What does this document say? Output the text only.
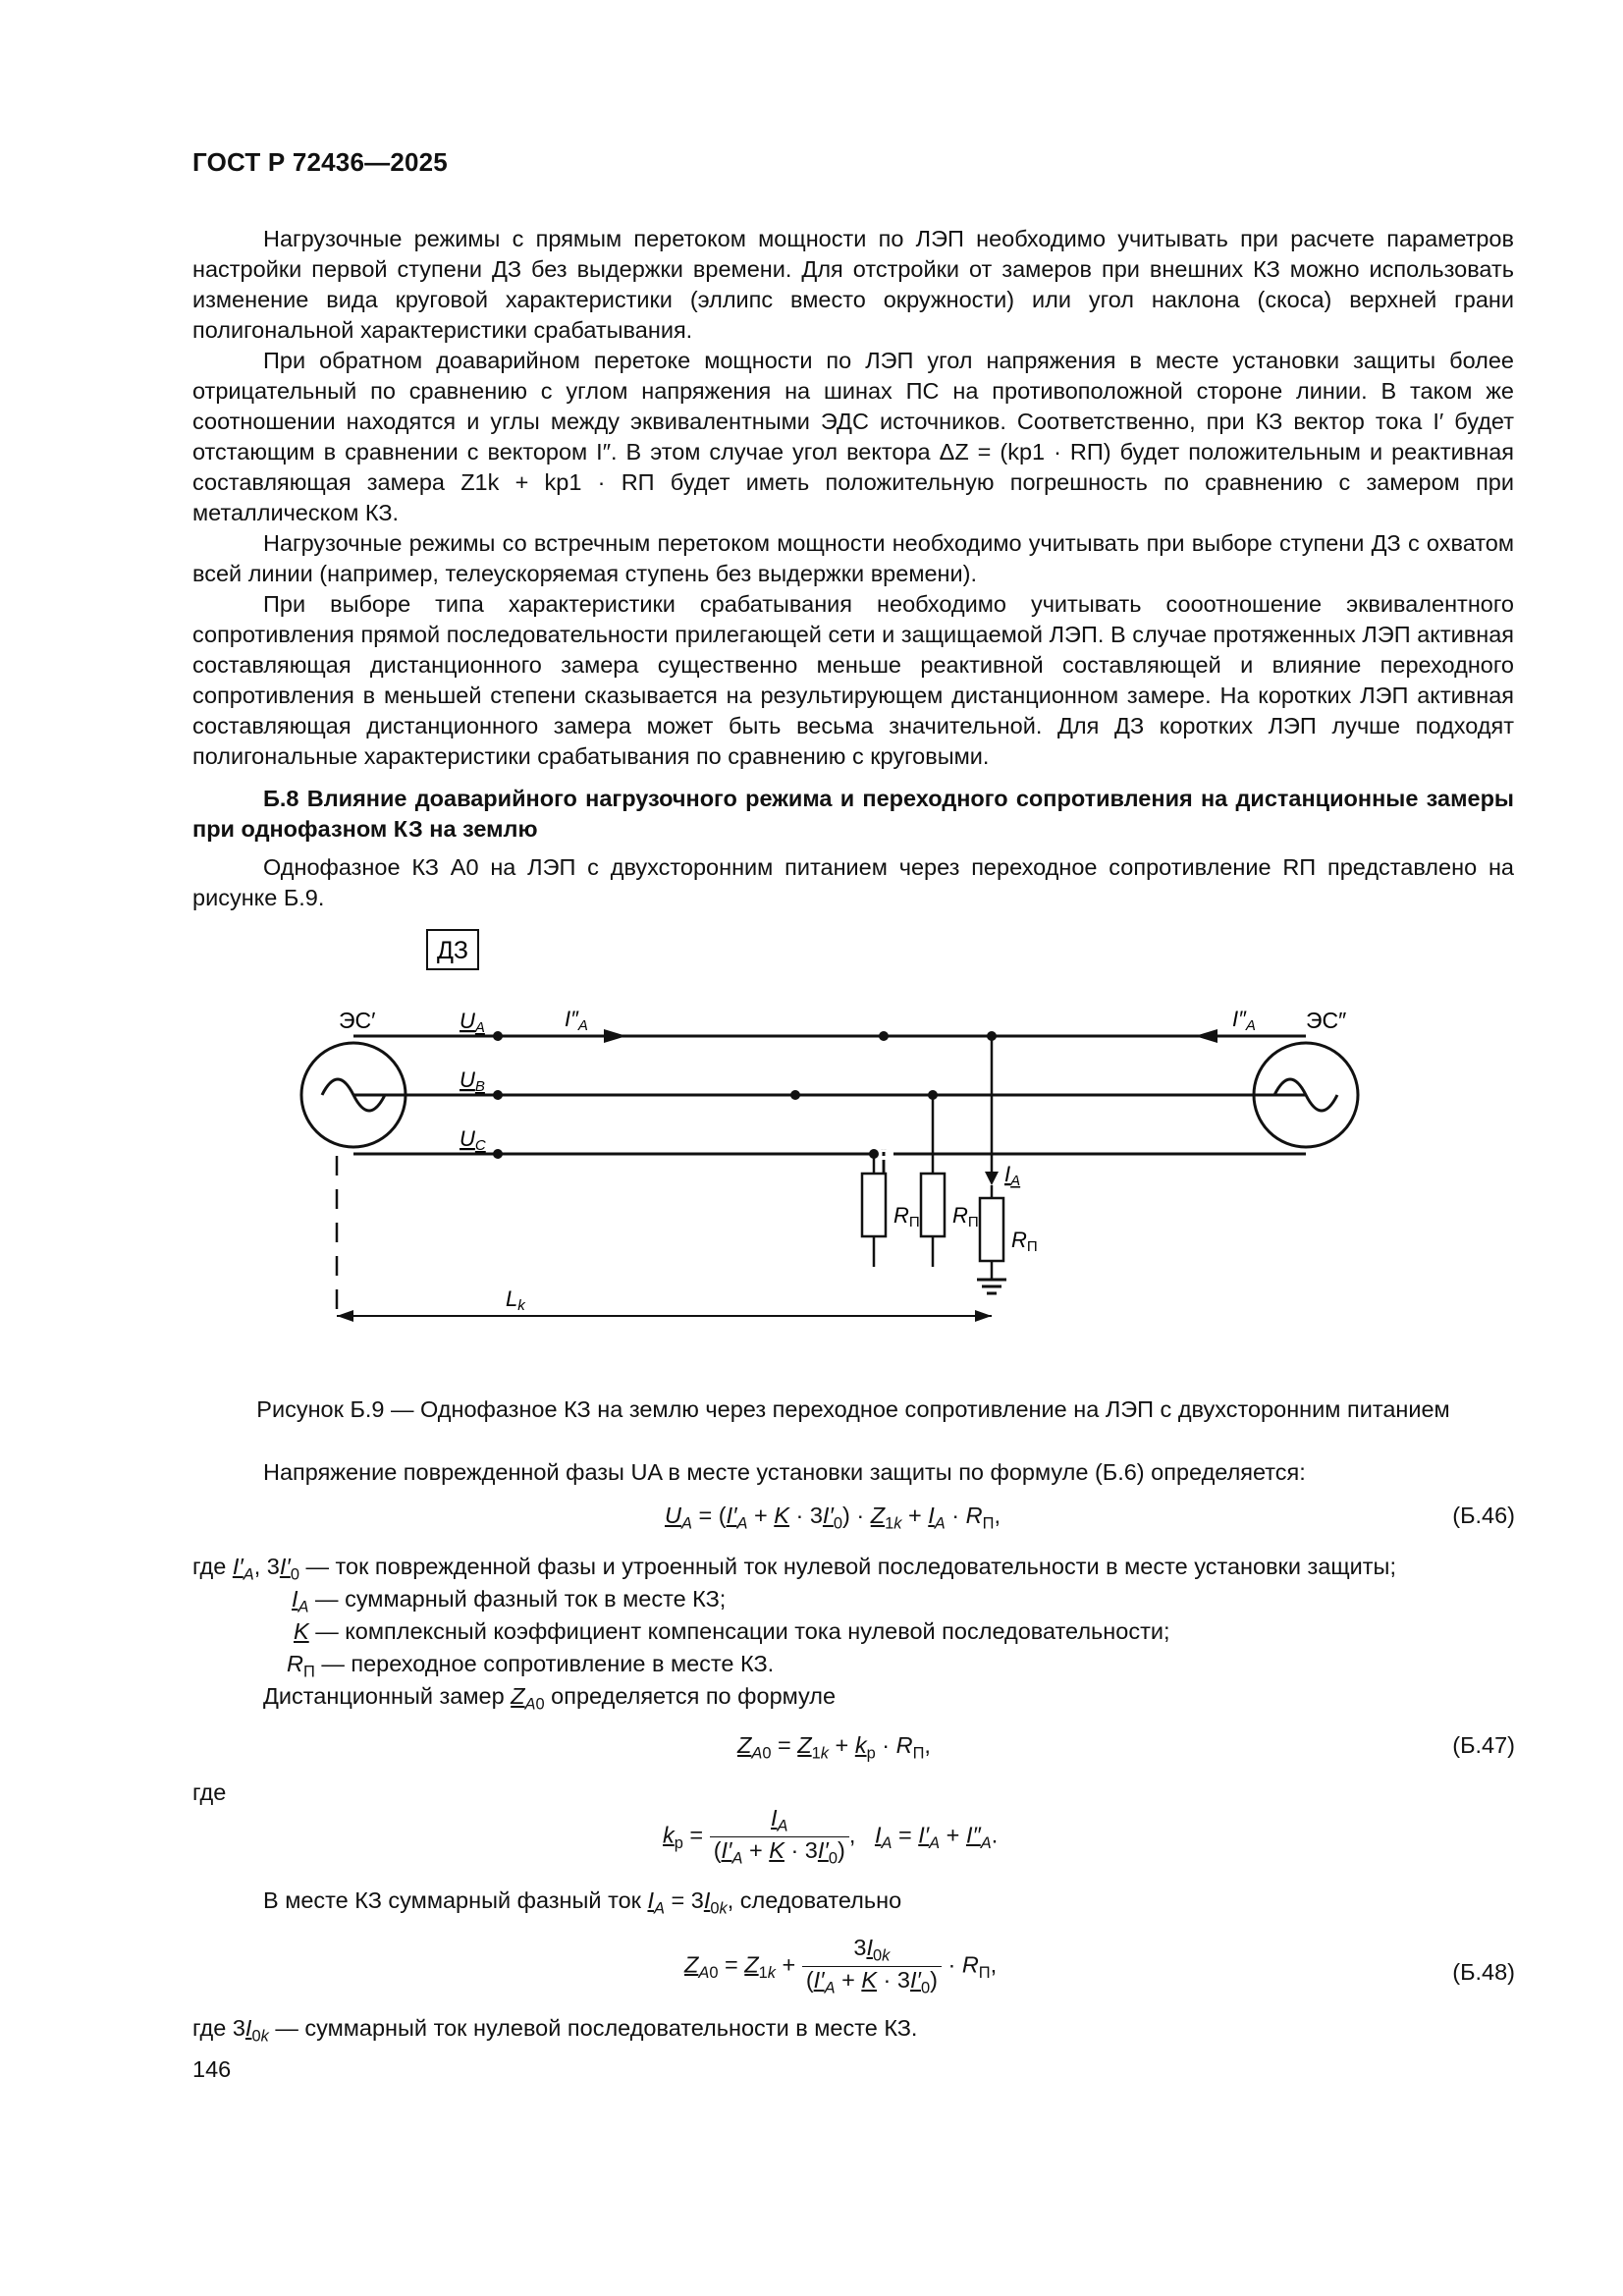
ГОСТ Р 72436—2025

Нагрузочные режимы с прямым перетоком мощности по ЛЭП необходимо учитывать при расчете параметров настройки первой ступени ДЗ без выдержки времени. Для отстройки от замеров при внешних КЗ можно использовать изменение вида круговой характеристики (эллипс вместо окружности) или угол наклона (скоса) верхней грани полигональной характеристики срабатывания.

При обратном доаварийном перетоке мощности по ЛЭП угол напряжения в месте установки защиты более отрицательный по сравнению с углом напряжения на шинах ПС на противоположной стороне линии. В таком же соотношении находятся и углы между эквивалентными ЭДС источников. Соответственно, при КЗ вектор тока I′ будет отстающим в сравнении с вектором I″. В этом случае угол вектора ΔZ = (kр1 · RП) будет положительным и реактивная составляющая замера Z1k + kр1 · RП будет иметь положительную погрешность по сравнению с замером при металлическом КЗ.

Нагрузочные режимы со встречным перетоком мощности необходимо учитывать при выборе ступени ДЗ с охватом всей линии (например, телеускоряемая ступень без выдержки времени).

При выборе типа характеристики срабатывания необходимо учитывать сооотношение эквивалентного сопротивления прямой последовательности прилегающей сети и защищаемой ЛЭП. В случае протяженных ЛЭП активная составляющая дистанционного замера существенно меньше реактивной составляющей и влияние переходного сопротивления в меньшей степени сказывается на результирующем дистанционном замере. На коротких ЛЭП активная составляющая дистанционного замера может быть весьма значительной. Для ДЗ коротких ЛЭП лучше подходят полигональные характеристики срабатывания по сравнению с круговыми.

Б.8 Влияние доаварийного нагрузочного режима и переходного сопротивления на дистанционные замеры при однофазном КЗ на землю

Однофазное КЗ А0 на ЛЭП с двухсторонним питанием через переходное сопротивление RП представлено на рисунке Б.9.

ДЗ
ЭС′	ЭС″
UA
UB
UC
I″A	I″A
RП RП
IA
RП
Lk
Рисунок Б.9 — Однофазное КЗ на землю через переходное сопротивление на ЛЭП с двухсторонним питанием
Напряжение поврежденной фазы UA в месте установки защиты по формуле (Б.6) определяется:
$U_A = (I'_A + K \cdot 3I'_0) \cdot Z_{1k} + I_A \cdot R_П$,	(Б.46)
где $I'_A$, $3I'_0$ — ток поврежденной фазы и утроенный ток нулевой последовательности в месте установки защиты;
$I_A$ — суммарный фазный ток в месте КЗ;
K — комплексный коэффициент компенсации тока нулевой последовательности;
$R_П$ — переходное сопротивление в месте КЗ.
Дистанционный замер $Z_{A0}$ определяется по формуле
$Z_{A0} = Z_{1k} + k_р \cdot R_П$,	(Б.47)
где
$k_р = \frac{I_A}{(I'_A + K \cdot 3I'_0)}$ ,   $I_A = I'_A + I''_A$.
В месте КЗ суммарный фазный ток $I_A = 3I_{0k}$, следовательно
$Z_{A0} = Z_{1k} + \frac{3I_{0k}}{(I'_A + K \cdot 3I'_0)} \cdot R_П$,	(Б.48)
где $3I_{0k}$ — суммарный ток нулевой последовательности в месте КЗ.
146
